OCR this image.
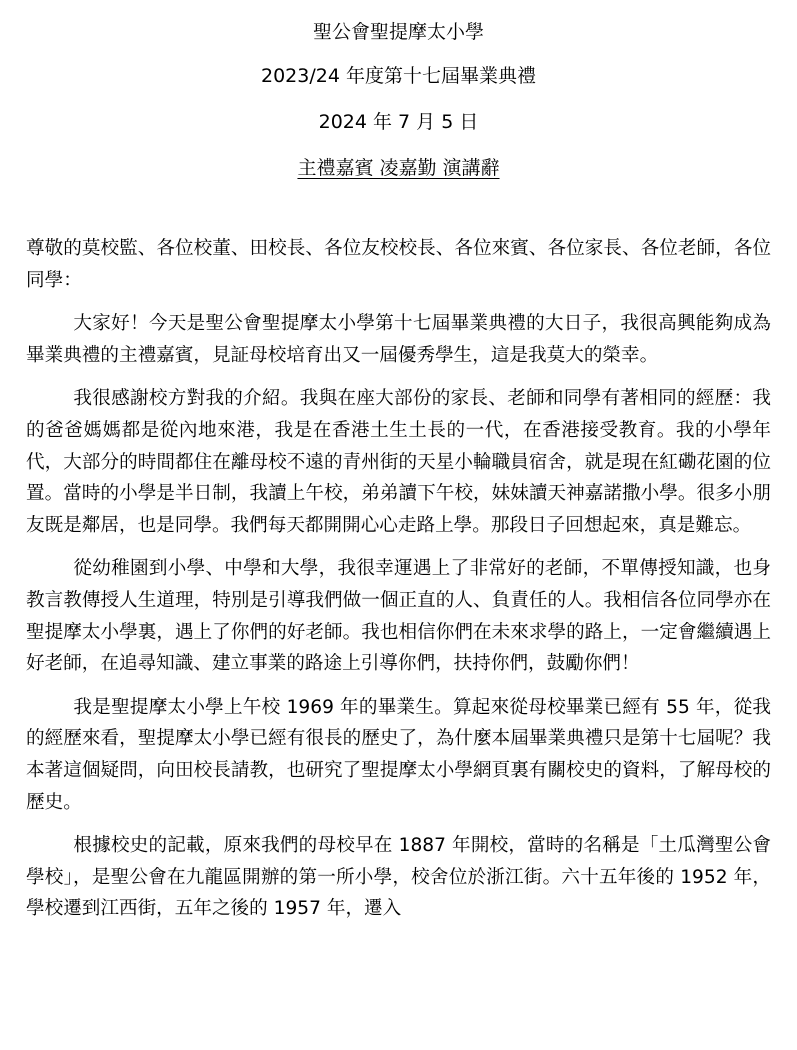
聖公會聖提摩太小學
2023/24 年度第十七屆畢業典禮
2024 年 7 月 5 日
主禮嘉賓 凌嘉勤 演講辭

尊敬的莫校監、各位校董、田校長、各位友校校長、各位來賓、各位家長、各位老師，各位同學：

大家好！今天是聖公會聖提摩太小學第十七屆畢業典禮的大日子，我很高興能夠成為畢業典禮的主禮嘉賓，見証母校培育出又一屆優秀學生，這是我莫大的榮幸。

我很感謝校方對我的介紹。我與在座大部份的家長、老師和同學有著相同的經歷：我的爸爸媽媽都是從內地來港，我是在香港土生土長的一代，在香港接受教育。我的小學年代，大部分的時間都住在離母校不遠的青州街的天星小輪職員宿舍，就是現在紅磡花園的位置。當時的小學是半日制，我讀上午校，弟弟讀下午校，妹妹讀天神嘉諾撒小學。很多小朋友既是鄰居，也是同學。我們每天都開開心心走路上學。那段日子回想起來，真是難忘。

從幼稚園到小學、中學和大學，我很幸運遇上了非常好的老師，不單傳授知識，也身教言教傳授人生道理，特別是引導我們做一個正直的人、負責任的人。我相信各位同學亦在聖提摩太小學裏，遇上了你們的好老師。我也相信你們在未來求學的路上，一定會繼續遇上好老師，在追尋知識、建立事業的路途上引導你們，扶持你們，鼓勵你們！

我是聖提摩太小學上午校 1969 年的畢業生。算起來從母校畢業已經有 55 年，從我的經歷來看，聖提摩太小學已經有很長的歷史了，為什麼本屆畢業典禮只是第十七屆呢？我本著這個疑問，向田校長請教，也研究了聖提摩太小學網頁裏有關校史的資料，了解母校的歷史。

根據校史的記載，原來我們的母校早在 1887 年開校，當時的名稱是「土瓜灣聖公會學校」，是聖公會在九龍區開辦的第一所小學，校舍位於浙江街。六十五年後的 1952 年，學校遷到江西街，五年之後的 1957 年，遷入
